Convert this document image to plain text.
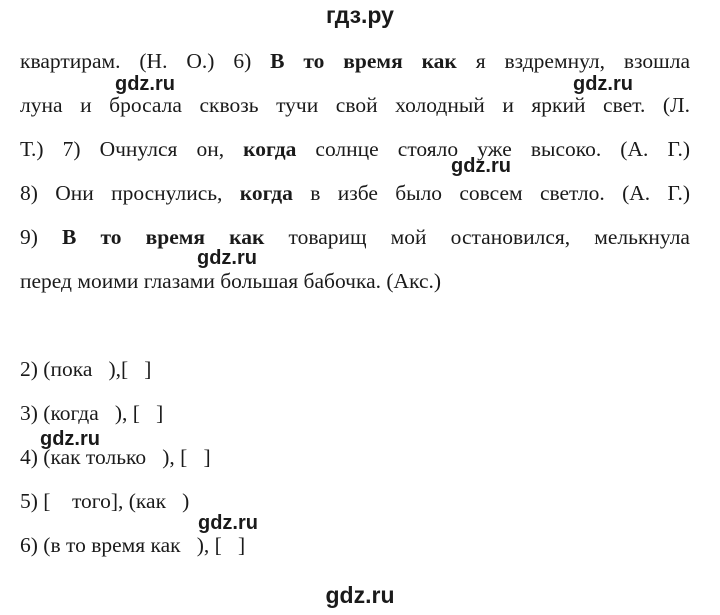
гдз.ру
квартирам. (Н. О.) 6) В то время как я вздремнул, взошла
луна и бросала сквозь тучи свой холодный и яркий свет. (Л.
Т.) 7) Очнулся он, когда солнце стояло уже высоко. (А. Г.)
8) Они проснулись, когда в избе было совсем светло. (А. Г.)
9) В то время как товарищ мой остановился, мелькнула
перед моими глазами большая бабочка. (Акс.)
2) (пока   ),[   ]
3) (когда   ), [   ]
4) (как только   ), [   ]
5) [    того], (как   )
6) (в то время как   ), [   ]
gdz.ru	gdz.ru
gdz.ru
gdz.ru
gdz.ru
gdz.ru
gdz.ru
